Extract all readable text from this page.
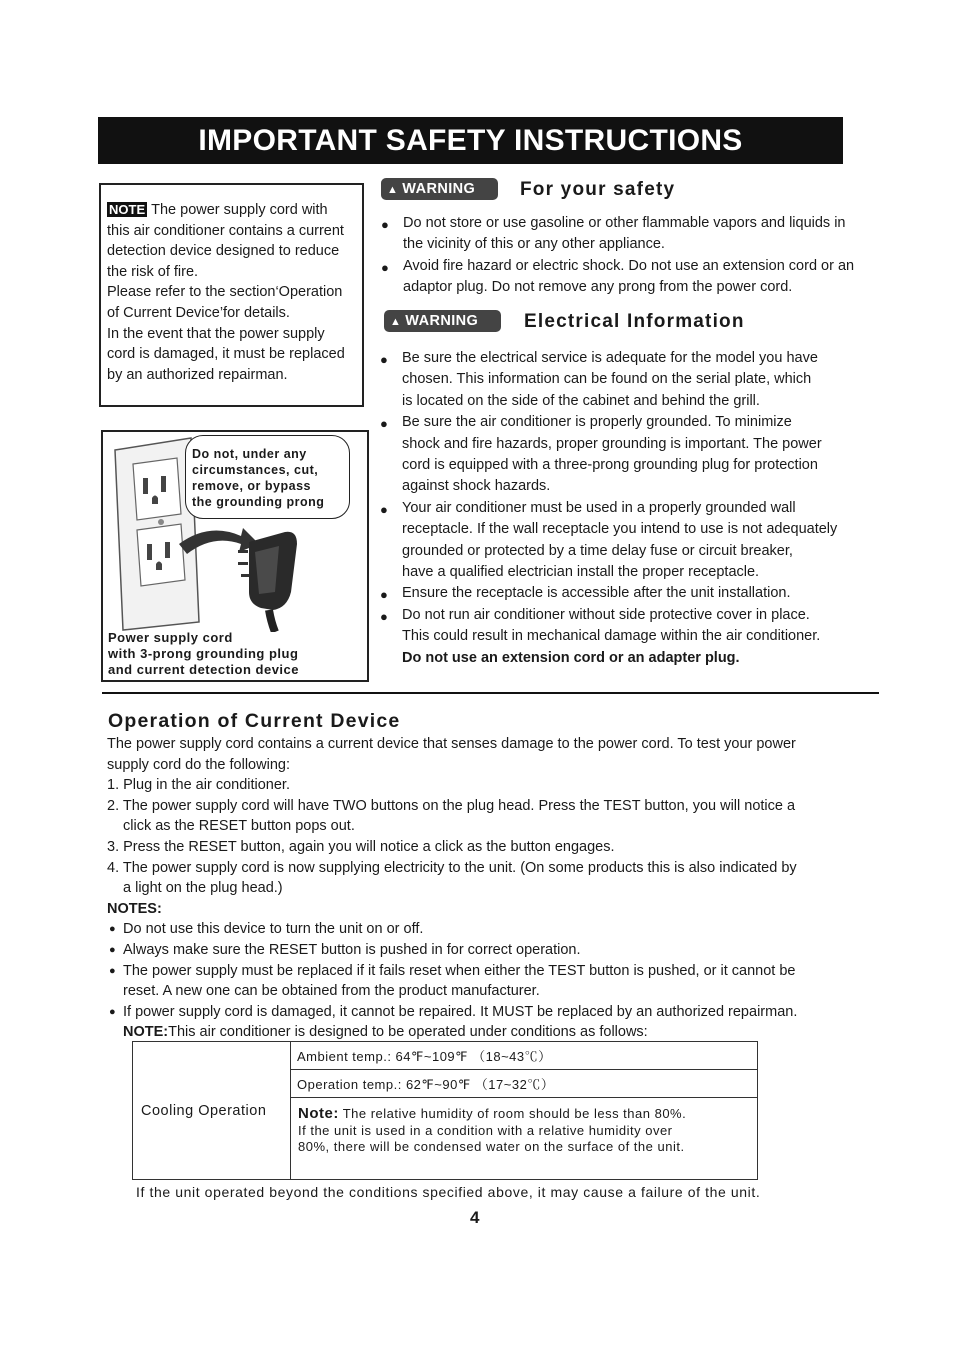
IMPORTANT SAFETY INSTRUCTIONS
NOTE The power supply cord with
this air conditioner contains a current
detection device designed to reduce
the risk of fire.
Please refer to the section‘Operation
of Current Device’for details.
In the event that the power supply
cord is damaged, it must be replaced
by an authorized repairman.
Do not, under any
circumstances, cut,
remove, or bypass
the grounding prong
Power supply cord
with 3-prong grounding plug
and current detection device
▲ WARNING	For your safety
● Do not store or use gasoline or other flammable vapors and liquids in
the vicinity of this or any other appliance.
● Avoid fire hazard or electric shock. Do not use an extension cord or an
adaptor plug. Do not remove any prong from the power cord.
▲ WARNING	Electrical Information
● Be sure the electrical service is adequate for the model you have
chosen. This information can be found on the serial plate, which
is located on the side of the cabinet and behind the grill.
● Be sure the air conditioner is properly grounded. To minimize
shock and fire hazards, proper grounding is important. The power
cord is equipped with a three-prong grounding plug for protection
against shock hazards.
● Your air conditioner must be used in a properly grounded wall
receptacle. If the wall receptacle you intend to use is not adequately
grounded or protected by a time delay fuse or circuit breaker,
have a qualified electrician install the proper receptacle.
● Ensure the receptacle is accessible after the unit installation.
● Do not run air conditioner without side protective cover in place.
This could result in mechanical damage within the air conditioner.
Do not use an extension cord or an adapter plug.
Operation of Current Device
The power supply cord contains a current device that senses damage to the power cord. To test your power
supply cord do the following:
1. Plug in the air conditioner.
2. The power supply cord will have TWO buttons on the plug head. Press the TEST button, you will notice a
click as the RESET button pops out.
3. Press the RESET button, again you will notice a click as the button engages.
4. The power supply cord is now supplying electricity to the unit. (On some products this is also indicated by
a light on the plug head.)
NOTES:
● Do not use this device to turn the unit on or off.
● Always make sure the RESET button is pushed in for correct operation.
● The power supply must be replaced if it fails reset when either the TEST button is pushed, or it cannot be
reset. A new one can be obtained from the product manufacturer.
● If power supply cord is damaged, it cannot be repaired. It MUST be replaced by an authorized repairman.
NOTE:This air conditioner is designed to be operated under conditions as follows:
Cooling Operation	Ambient temp.: 64℉~109℉ （18~43℃）
Operation temp.: 62℉~90℉ （17~32℃）

Note: The relative humidity of room should be less than 80%.
If the unit is used in a condition with a relative humidity over
80%, there will be condensed water on the surface of the unit.
If the unit operated beyond the conditions specified above, it may cause a failure of the unit.
4
